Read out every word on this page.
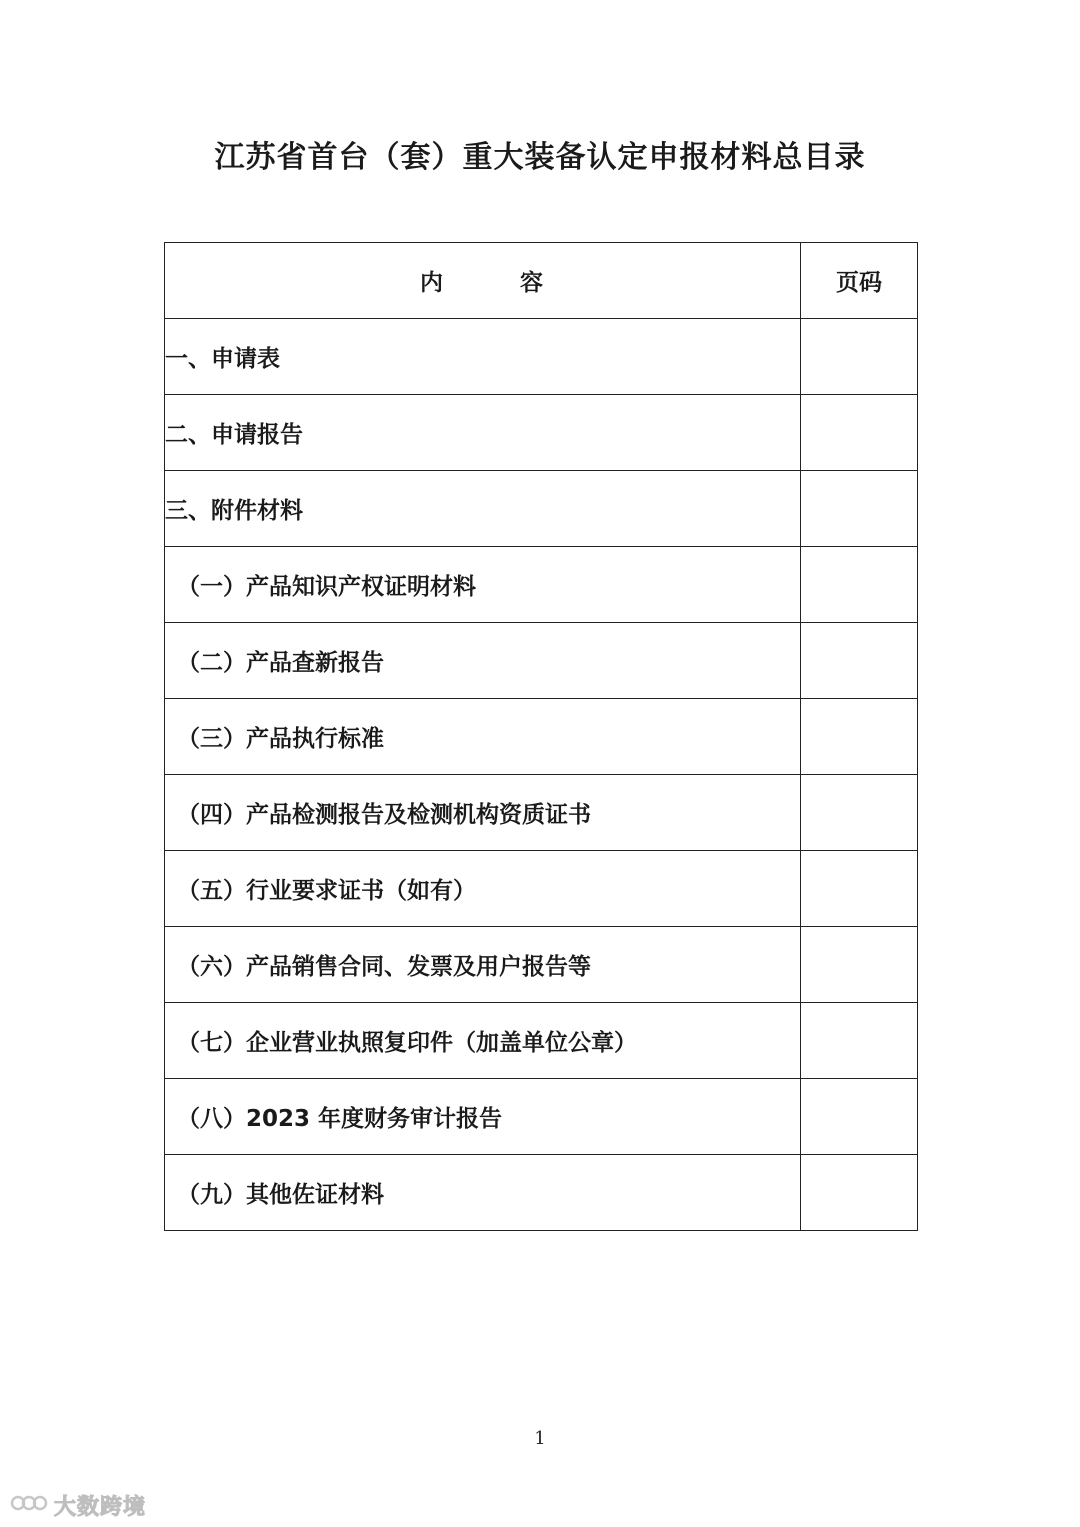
江苏省首台（套）重大装备认定申报材料总目录
内　　　容	页码
一、申请表	
二、申请报告	
三、附件材料	
（一）产品知识产权证明材料	
（二）产品查新报告	
（三）产品执行标准	
（四）产品检测报告及检测机构资质证书	
（五）行业要求证书（如有）	
（六）产品销售合同、发票及用户报告等	
（七）企业营业执照复印件（加盖单位公章）	
（八）2023 年度财务审计报告	
（九）其他佐证材料	
1
大数跨境
